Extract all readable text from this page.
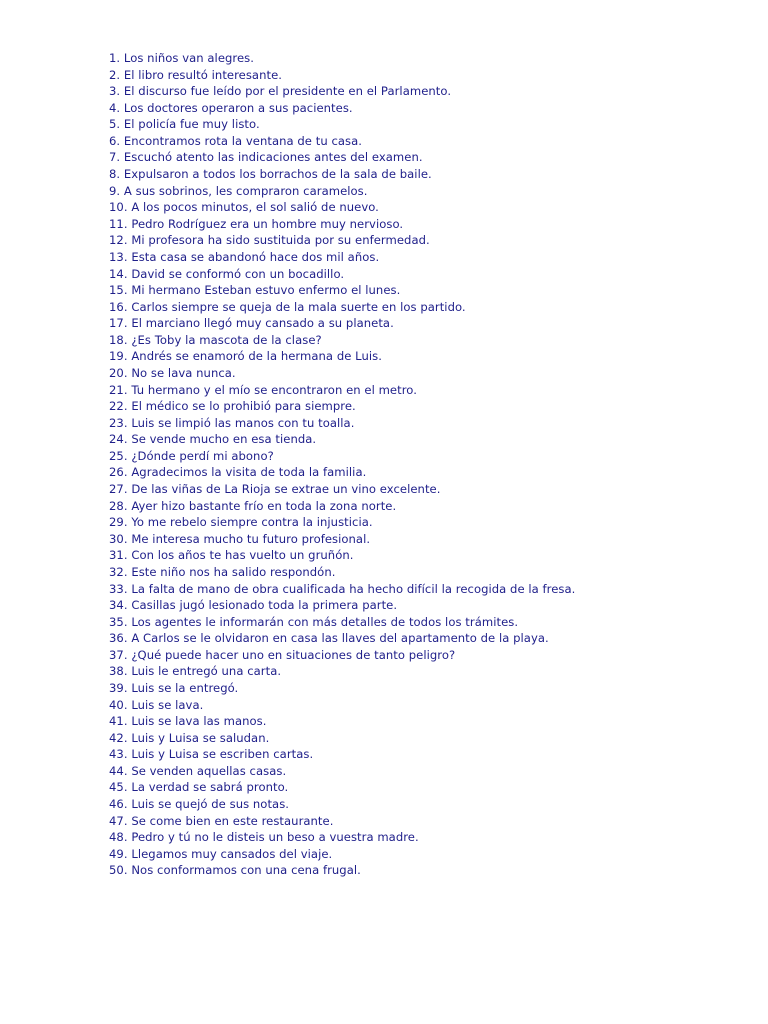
1. Los niños van alegres.
2. El libro resultó interesante.
3. El discurso fue leído por el presidente en el Parlamento.
4. Los doctores operaron a sus pacientes.
5. El policía fue muy listo.
6. Encontramos rota la ventana de tu casa.
7. Escuchó atento las indicaciones antes del examen.
8. Expulsaron a todos los borrachos de la sala de baile.
9. A sus sobrinos, les compraron caramelos.
10. A los pocos minutos, el sol salió de nuevo.
11. Pedro Rodríguez era un hombre muy nervioso.
12. Mi profesora ha sido sustituida por su enfermedad.
13. Esta casa se abandonó hace dos mil años.
14. David se conformó con un bocadillo.
15. Mi hermano Esteban estuvo enfermo el lunes.
16. Carlos siempre se queja de la mala suerte en los partido.
17. El marciano llegó muy cansado a su planeta.
18. ¿Es Toby la mascota de la clase?
19. Andrés se enamoró de la hermana de Luis.
20. No se lava nunca.
21. Tu hermano y el mío se encontraron en el metro.
22. El médico se lo prohibió para siempre.
23. Luis se limpió las manos con tu toalla.
24. Se vende mucho en esa tienda.
25. ¿Dónde perdí mi abono?
26. Agradecimos la visita de toda la familia.
27. De las viñas de La Rioja se extrae un vino excelente.
28. Ayer hizo bastante frío en toda la zona norte.
29. Yo me rebelo siempre contra la injusticia.
30. Me interesa mucho tu futuro profesional.
31. Con los años te has vuelto un gruñón.
32. Este niño nos ha salido respondón.
33. La falta de mano de obra cualificada ha hecho difícil la recogida de la fresa.
34. Casillas jugó lesionado toda la primera parte.
35. Los agentes le informarán con más detalles de todos los trámites.
36. A Carlos se le olvidaron en casa las llaves del apartamento de la playa.
37. ¿Qué puede hacer uno en situaciones de tanto peligro?
38. Luis le entregó una carta.
39. Luis se la entregó.
40. Luis se lava.
41. Luis se lava las manos.
42. Luis y Luisa se saludan.
43. Luis y Luisa se escriben cartas.
44. Se venden aquellas casas.
45. La verdad se sabrá pronto.
46. Luis se quejó de sus notas.
47. Se come bien en este restaurante.
48. Pedro y tú no le disteis un beso a vuestra madre.
49. Llegamos muy cansados del viaje.
50. Nos conformamos con una cena frugal.
